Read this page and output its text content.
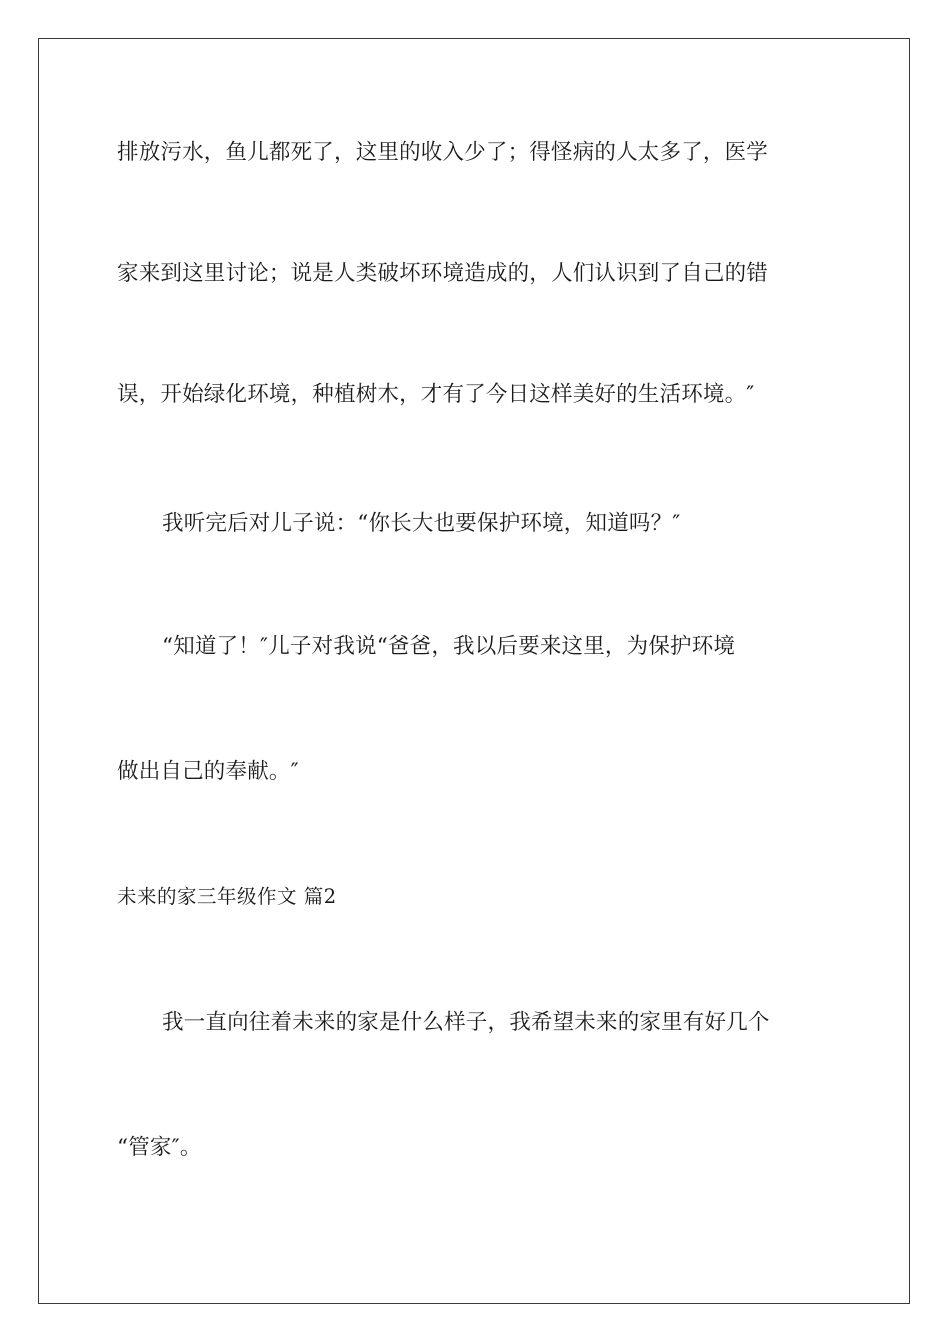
排放污水，鱼儿都死了，这里的收入少了；得怪病的人太多了，医学
家来到这里讨论；说是人类破坏环境造成的，人们认识到了自己的错
误，开始绿化环境，种植树木，才有了今日这样美好的生活环境。″
我听完后对儿子说：“你长大也要保护环境，知道吗？″
“知道了！″儿子对我说“爸爸，我以后要来这里，为保护环境
做出自己的奉献。″
未来的家三年级作文 篇2
我一直向往着未来的家是什么样子，我希望未来的家里有好几个
“管家″。
